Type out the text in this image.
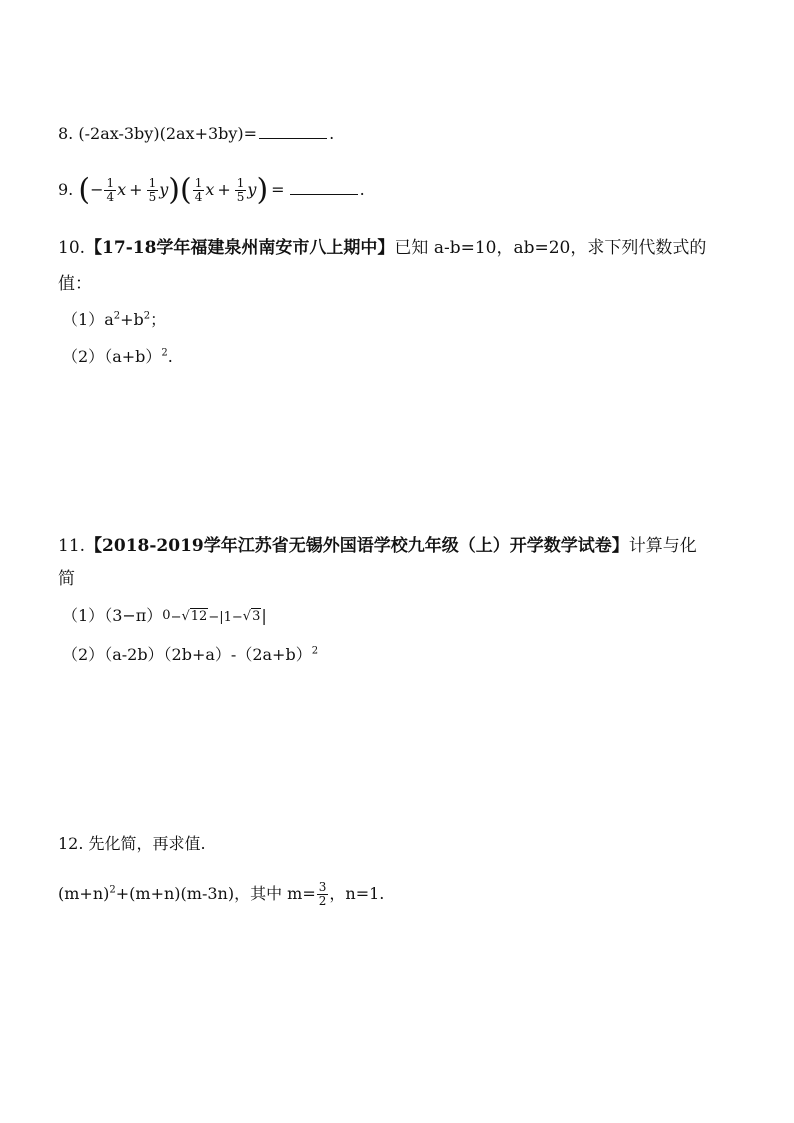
8. (-2ax-3by)(2ax+3by)=	.
9. (− $\frac{1}{4}$ $x + \frac{1}{5} y)( \frac{1}{4}$ $x + \frac{1}{5} y$) =	.
10.【17-18学年福建泉州南安市八上期中】已知 a-b=10，ab=20，求下列代数式的
值：
$(1)a^2+b^2$；
$(2)(a+b)^2$.
11.【2018-2019学年江苏省无锡外国语学校九年级（上）开学数学试卷】计算与化
简
（1）（3−π）0−√12−|1−√3|
$(2)(a-2b)(2b+a)-(2a+b)^2$
12. 先化简，再求值.
$(m+n)^2+(m+n)(m-3n)$，其中 $m= \frac{3}{2}$ ，n=1.
